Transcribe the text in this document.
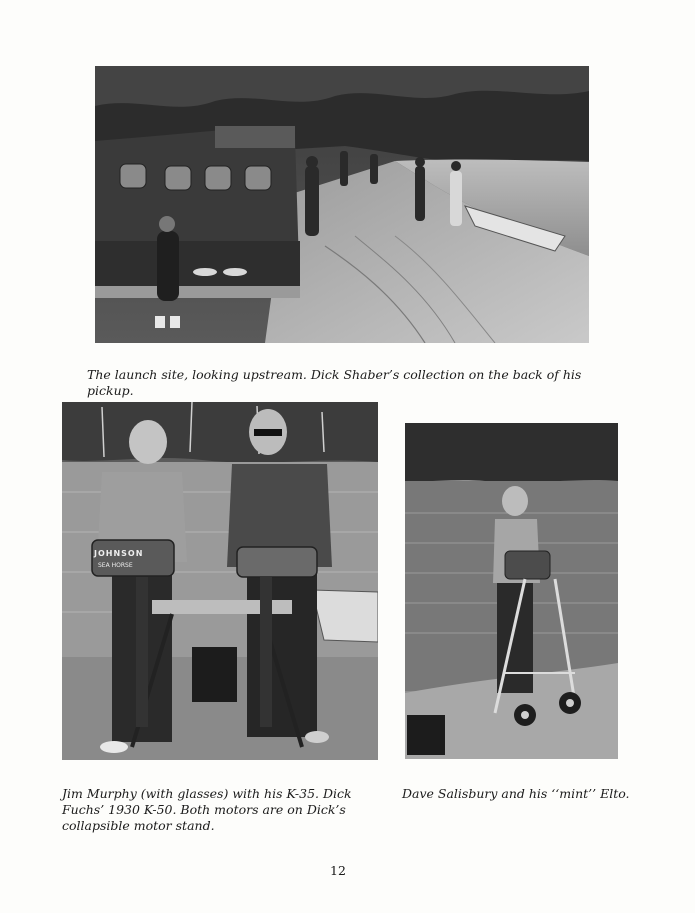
The launch site, looking upstream. Dick Shaber’s collection on the back of his pickup.
JOHNSON
SEA HORSE
Jim Murphy (with glasses) with his K-35. Dick Fuchs’ 1930 K-50. Both motors are on Dick’s collapsible motor stand.
Dave Salisbury and his ‘‘mint’’ Elto.
12
